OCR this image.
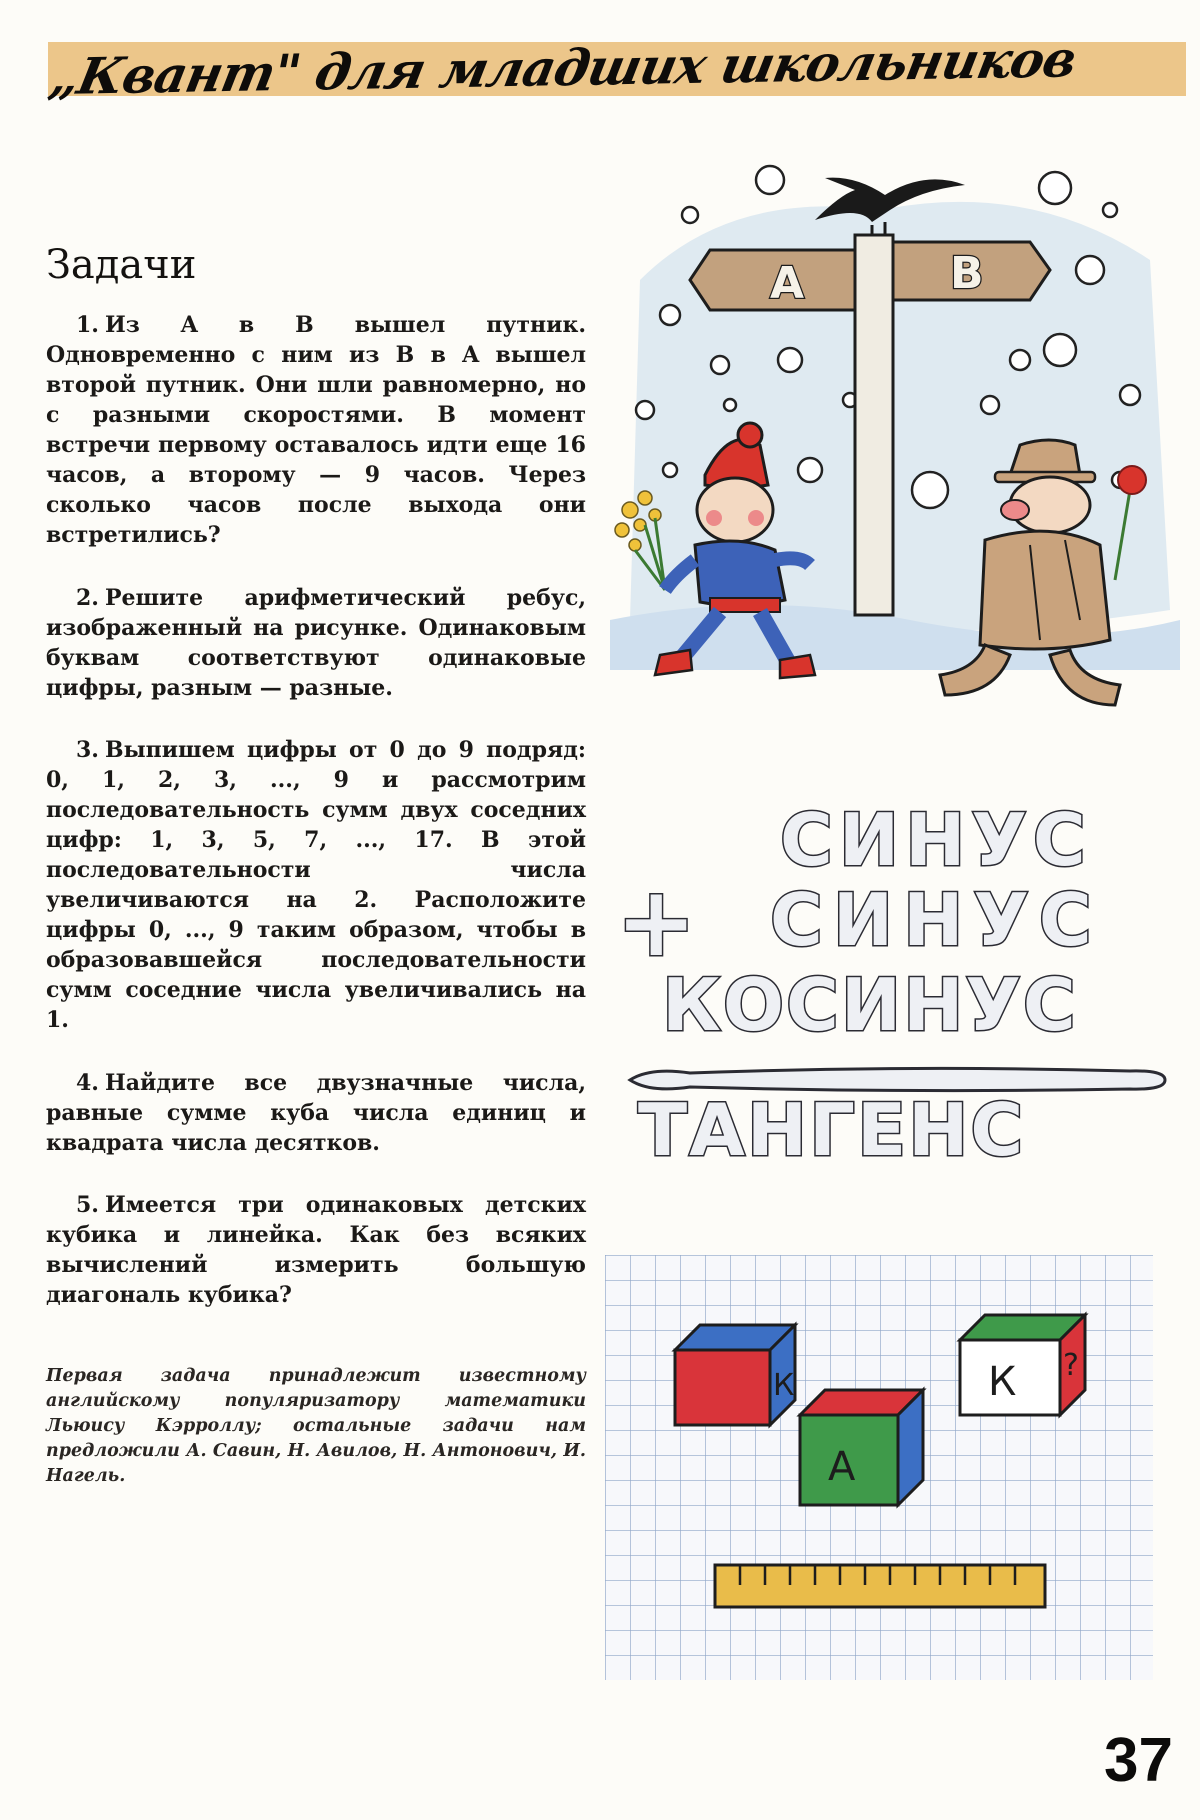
„Квант" для младших школьников
Задачи

1. Из A в B вышел путник. Одновременно с ним из B в A вышел второй путник. Они шли равномерно, но с разными скоростями. В момент встречи первому оставалось идти еще 16 часов, а второму — 9 часов. Через сколько часов после выхода они встретились?

2. Решите арифметический ребус, изображенный на рисунке. Одинаковым буквам соответствуют одинаковые цифры, разным — разные.

3. Выпишем цифры от 0 до 9 подряд: 0, 1, 2, 3, ..., 9 и рассмотрим последовательность сумм двух соседних цифр: 1, 3, 5, 7, ..., 17. В этой последовательности числа увеличиваются на 2. Расположите цифры 0, ..., 9 таким образом, чтобы в образовавшейся последовательности сумм соседние числа увеличивались на 1.

4. Найдите все двузначные числа, равные сумме куба числа единиц и квадрата числа десятков.

5. Имеется три одинаковых детских кубика и линейка. Как без всяких вычислений измерить большую диагональ кубика?

Первая задача принадлежит известному английскому популяризатору математики Льюису Кэрроллу; остальные задачи нам предложили А. Савин, Н. Авилов, Н. Антонович, И. Нагель.

А	В
СИНУС
+ СИНУС
КОСИНУС
ТАНГЕНС
К
А
К ?
37
